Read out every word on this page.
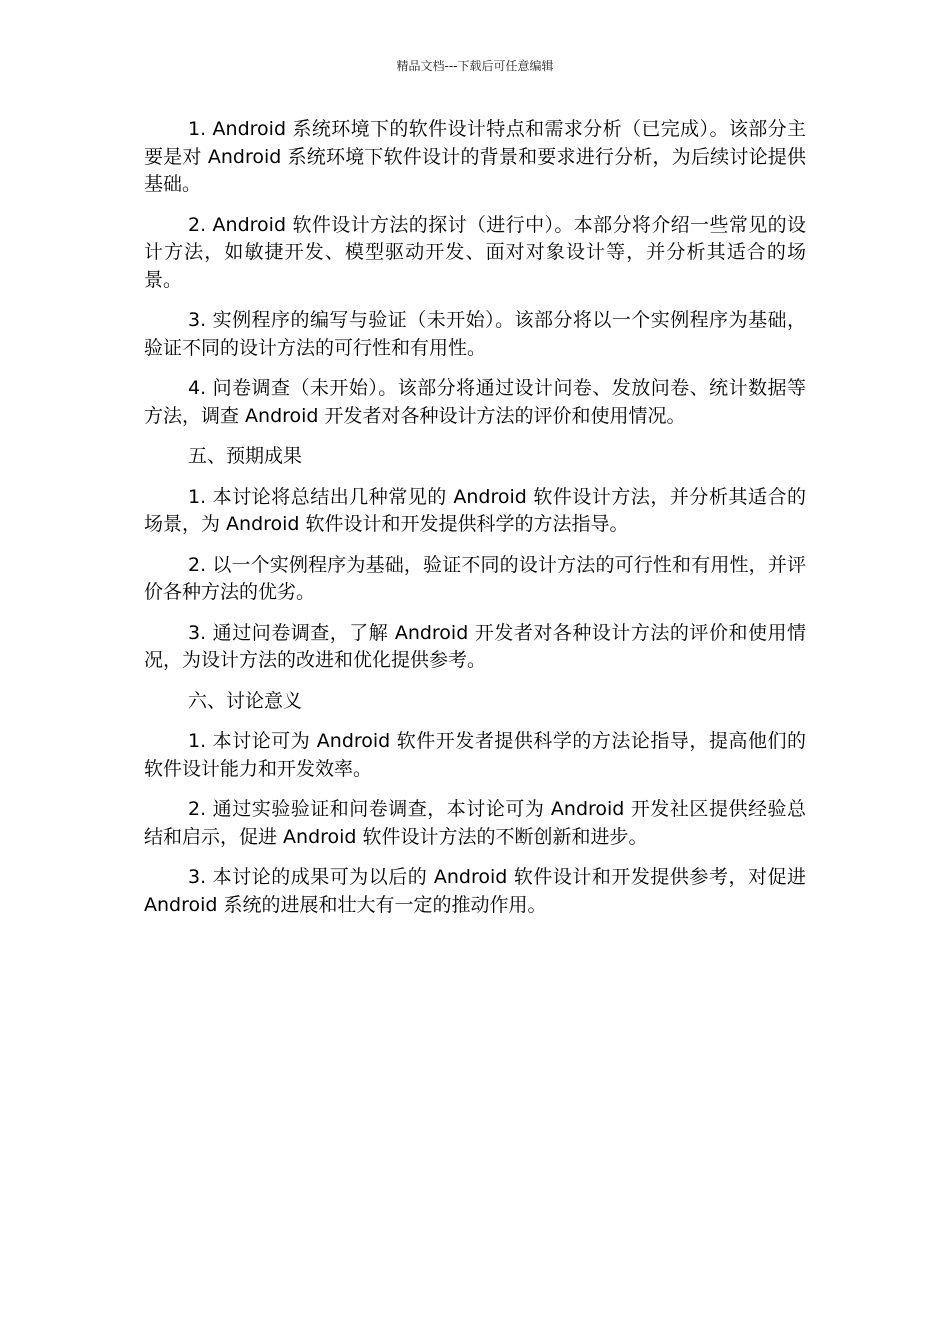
精品文档---下载后可任意编辑

1. Android 系统环境下的软件设计特点和需求分析（已完成）。该部分主要是对 Android 系统环境下软件设计的背景和要求进行分析，为后续讨论提供基础。

2. Android 软件设计方法的探讨（进行中）。本部分将介绍一些常见的设计方法，如敏捷开发、模型驱动开发、面对对象设计等，并分析其适合的场景。

3. 实例程序的编写与验证（未开始）。该部分将以一个实例程序为基础，验证不同的设计方法的可行性和有用性。

4. 问卷调查（未开始）。该部分将通过设计问卷、发放问卷、统计数据等方法，调查 Android 开发者对各种设计方法的评价和使用情况。

五、预期成果

1. 本讨论将总结出几种常见的 Android 软件设计方法，并分析其适合的场景，为 Android 软件设计和开发提供科学的方法指导。

2. 以一个实例程序为基础，验证不同的设计方法的可行性和有用性，并评价各种方法的优劣。

3. 通过问卷调查，了解 Android 开发者对各种设计方法的评价和使用情况，为设计方法的改进和优化提供参考。

六、讨论意义

1. 本讨论可为 Android 软件开发者提供科学的方法论指导，提高他们的软件设计能力和开发效率。

2. 通过实验验证和问卷调查，本讨论可为 Android 开发社区提供经验总结和启示，促进 Android 软件设计方法的不断创新和进步。

3. 本讨论的成果可为以后的 Android 软件设计和开发提供参考，对促进 Android 系统的进展和壮大有一定的推动作用。
